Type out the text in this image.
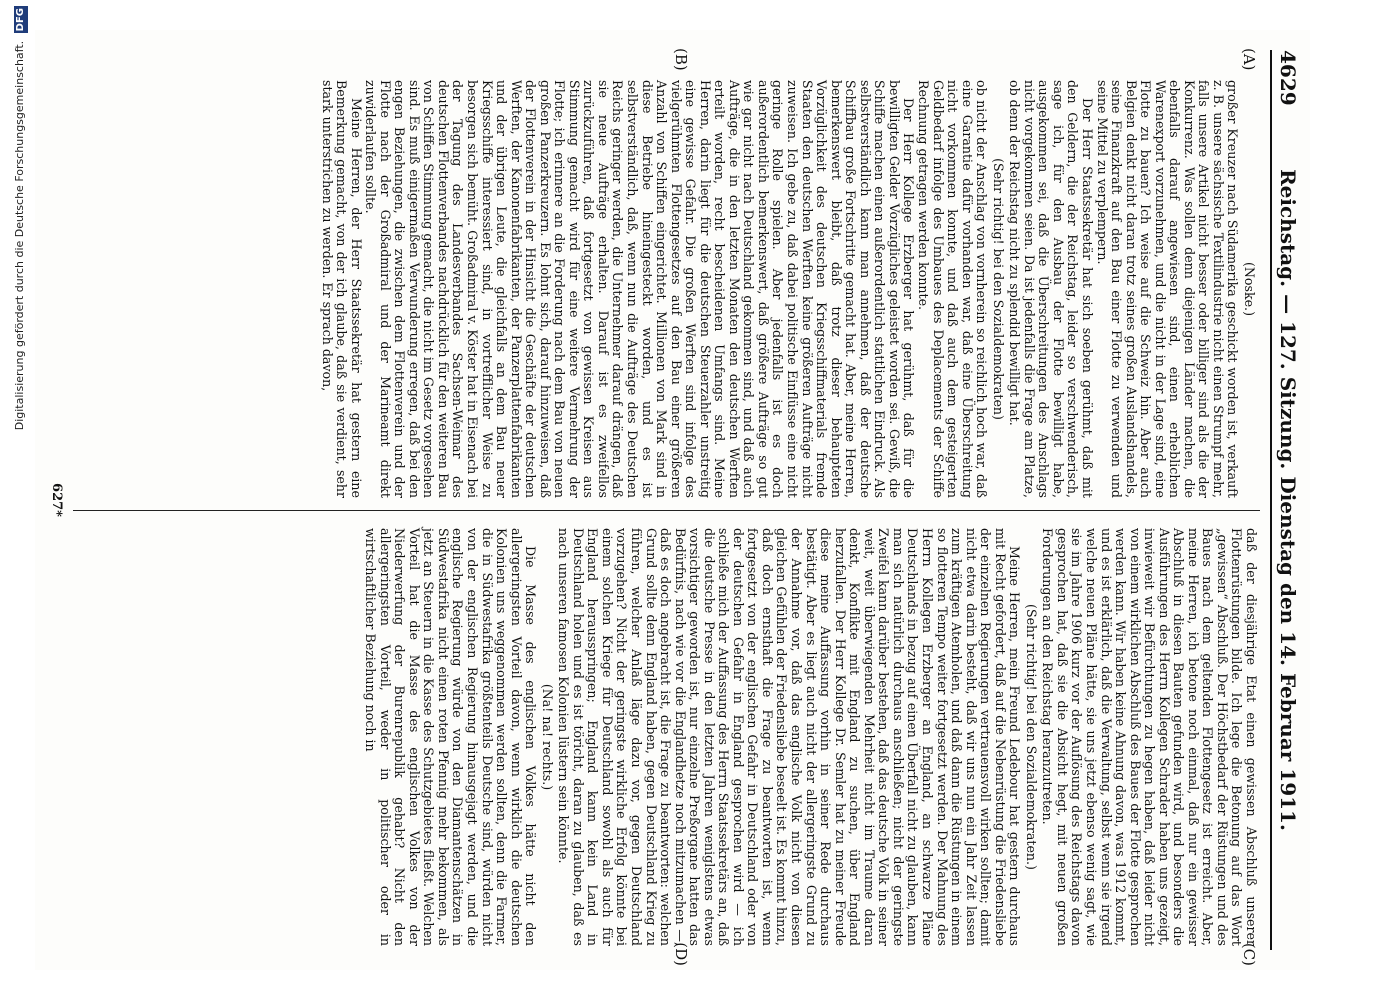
Digitalisierung gefördert durch die Deutsche Forschungsgemeinschaft. DFG
4629
Reichstag. — 127. Sitzung. Dienstag den 14. Februar 1911.

(Noske.)

großer Kreuzer nach Südamerika geschickt worden ist, verkauft z. B. unsere sächsische Textilindustrie nicht einen Strumpf mehr, falls unsere Artikel nicht besser oder billiger sind als die der Konkurrenz. Was sollen denn diejenigen Länder machen, die ebenfalls darauf angewiesen sind, einen erheblichen Warenexport vorzunehmen, und die nicht in der Lage sind, eine Flotte zu bauen? Ich weise auf die Schweiz hin. Aber auch Belgien denkt nicht daran trotz seines großen Auslandshandels, seine Finanzkraft auf den Bau einer Flotte zu verwenden und seine Mittel zu verplempern.

Der Herr Staatssekretär hat sich soeben gerühmt, daß mit den Geldern, die der Reichstag, leider so verschwenderisch, sage ich, für den Ausbau der Flotte bewilligt habe, ausgekommen sei, daß die Überschreitungen des Anschlags nicht vorgekommen seien. Da ist jedenfalls die Frage am Platze, ob denn der Reichstag nicht zu splendid bewilligt hat.

(Sehr richtig! bei den Sozialdemokraten)

ob nicht der Anschlag von vornherein so reichlich hoch war, daß eine Garantie dafür vorhanden war, daß eine Überschreitung nicht vorkommen konnte, und daß auch dem gesteigerten Geldbedarf infolge des Umbaues des Deplacements der Schiffe Rechnung getragen werden konnte.

Der Herr Kollege Erzberger hat gerühmt, daß für die bewilligten Gelder Vorzügliches geleistet worden sei. Gewiß, die Schiffe machen einen außerordentlich stattlichen Eindruck. Als selbstverständlich kann man annehmen, daß der deutsche Schiffbau große Fortschritte gemacht hat. Aber, meine Herren, bemerkenswert bleibt, daß trotz dieser behaupteten Vorzüglichkeit des deutschen Kriegsschiffmaterials fremde Staaten den deutschen Werften keine größeren Aufträge nicht zuweisen. Ich gebe zu, daß dabei politische Einflüsse eine nicht geringe Rolle spielen. Aber jedenfalls ist es doch außerordentlich bemerkenswert, daß größere Aufträge so gut wie gar nicht nach Deutschland gekommen sind, und daß auch Aufträge, die in den letzten Monaten den deutschen Werften erteilt worden, recht bescheidenen Umfangs sind. Meine Herren, darin liegt für die deutschen Steuerzahler unstreitig eine gewisse Gefahr. Die großen Werften sind infolge des vielgerühmten Flottengesetzes auf den Bau einer größeren Anzahl von Schiffen eingerichtet. Millionen von Mark sind in diese Betriebe hineingesteckt worden, und es ist selbstverständlich, daß, wenn nun die Aufträge des Deutschen Reichs geringer werden, die Unternehmer darauf drängen, daß sie neue Aufträge erhalten. Darauf ist es zweifellos zurückzuführen, daß fortgesetzt von gewissen Kreisen aus Stimmung gemacht wird für eine weitere Vermehrung der Flotte; ich erinnere an die Forderung nach dem Bau von neuen großen Panzerkreuzern. Es lohnt sich, darauf hinzuweisen, daß der Flottenverein in der Hinsicht die Geschäfte der deutschen Werften, der Kanonenfabrikanten, der Panzerplattenfabrikanten und der übrigen Leute, die gleichfalls an dem Bau neuer Kriegsschiffe interessiert sind, in vortrefflicher Weise zu besorgen sich bemüht. Großadmiral v. Köster hat in Eisenach bei der Tagung des Landesverbandes Sachsen-Weimar des deutschen Flottenverbandes nachdrücklich für den weiteren Bau von Schiffen Stimmung gemacht, die nicht im Gesetz vorgesehen sind. Es muß einigermaßen Verwunderung erregen, daß bei den engen Beziehungen, die zwischen dem Flottenverein und der Flotte nach der Großadmiral und der Marineamt direkt zuwiderlaufen sollte.

Meine Herren, der Herr Staatssekretär hat gestern eine Bemerkung gemacht, von der ich glaube, daß sie verdient, sehr stark unterstrichen zu werden. Er sprach davon,

daß der diesjährige Etat einen gewissen Abschluß unserer Flottenrüstungen bilde. Ich lege die Betonung auf das Wort „gewissen“ Abschluß. Der Höchstbedarf der Rüstungen und des Baues nach dem geltenden Flottengesetz ist erreicht. Aber, meine Herren, ich betone noch einmal, daß nur ein gewisser Abschluß in diesen Bauten gefunden wird, und besonders die Ausführungen des Herrn Kollegen Schrader haben uns gezeigt, inwieweit wir Befürchtungen zu hegen haben, daß leider nicht von einem wirklichen Abschluß des Baues der Flotte gesprochen werden kann. Wir haben keine Ahnung davon, was 1912 kommt, und es ist erklärlich, daß die Verwaltung, selbst wenn sie irgend welche neuen Pläne hätte, sie uns jetzt ebenso wenig sagt, wie sie im Jahre 1906 kurz vor der Auflösung des Reichstags davon gesprochen hat, daß sie die Absicht hegt, mit neuen großen Forderungen an den Reichstag heranzutreten.

(Sehr richtig! bei den Sozialdemokraten.)

Meine Herren, mein Freund Ledebour hat gestern durchaus mit Recht gefordert, daß auf die Nebenrüstung die Friedensliebe der einzelnen Regierungen vertrauensvoll wirken sollten; damit nicht etwa darin besteht, daß wir uns nun ein Jahr Zeit lassen zum kräftigen Atemholen, und daß dann die Rüstungen in einem so flotteren Tempo weiter fortgesetzt werden. Der Mahnung des Herrn Kollegen Erzberger an England, an schwarze Pläne Deutschlands in bezug auf einen Überfall nicht zu glauben, kann man sich natürlich durchaus anschließen; nicht der geringste Zweifel kann darüber bestehen, daß das deutsche Volk in seiner weit, weit überwiegenden Mehrheit nicht im Traume daran denkt, Konflikte mit England zu suchen, über England herzufallen. Der Herr Kollege Dr. Semler hat zu meiner Freude diese meine Auffassung vorhin in seiner Rede durchaus bestätigt. Aber es liegt auch nicht der allergeringste Grund zu der Annahme vor, daß das englische Volk nicht von diesen gleichen Gefühlen der Friedensliebe beseelt ist. Es kommt hinzu, daß doch ernsthaft die Frage zu beantworten ist, wenn fortgesetzt von der englischen Gefahr in Deutschland oder von der deutschen Gefahr in England gesprochen wird — ich schließe mich der Auffassung des Herrn Staatssekretärs an, daß die deutsche Presse in den letzten Jahren weniglstens etwas vorsichtiger geworden ist, nur einzelne Preßorgane hatten das Bedürfnis, nach wie vor die Englandhetze noch mitzumachen —, daß es doch angebracht ist, die Frage zu beantworten: welchen Grund sollte denn England haben, gegen Deutschland Krieg zu führen, welcher Anlaß läge dazu vor, gegen Deutschland vorzugehen? Nicht der geringste wirkliche Erfolg könnte bei einem solchen Kriege für Deutschland sowohl als auch für England herausspringen; England kann kein Land in Deutschland holen und es ist töricht, daran zu glauben, daß es nach unseren famosen Kolonien lüstern sein könnte.

(Na! na! rechts.)

Die Masse des englischen Volkes hätte nicht den allergeringsten Vorteil davon, wenn wirklich die deutschen Kolonien uns weggenommen werden sollten, denn die Farmer, die in Südwestafrika größtenteils Deutsche sind, würden nicht von der englischen Regierung hinausgejagt werden, und die englische Regierung würde von den Diamantenschätzen in Südwestafrika nicht einen roten Pfennig mehr bekommen, als jetzt an Steuern in die Kasse des Schutzgebietes fließt. Welchen Vorteil hat die Masse des englischen Volkes von der Niederwerfung der Burenrepublik gehabt? Nicht den allergeringsten Vorteil, weder in politischer oder in wirtschaftlicher Beziehung noch in

(A)
(B)
(C)
(D)
627*
